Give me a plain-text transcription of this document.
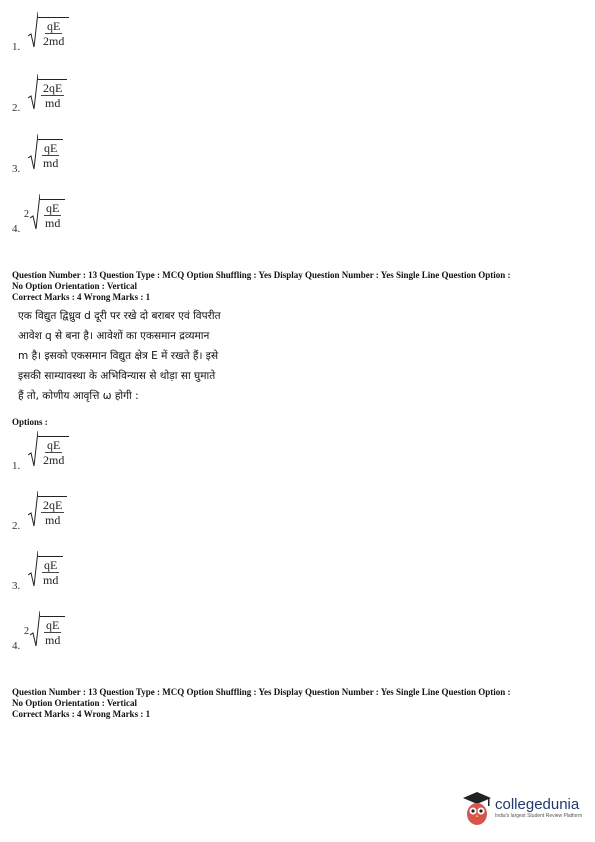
1. $\frac{qE}{2md}$
2. $\frac{2qE}{md}$
3. $\frac{qE}{md}$
4.
$2 \frac{qE}{md}$

Question Number : 13 Question Type : MCQ Option Shuffling : Yes Display Question Number : Yes Single Line Question Option :

No Option Orientation : Vertical

Correct Marks : 4 Wrong Marks : 1

एक विद्युत द्विध्रुव d दूरी पर रखे दो बराबर एवं विपरीत

आवेश q से बना है। आवेशों का एकसमान द्रव्यमान

m है। इसको एकसमान विद्युत क्षेत्र E में रखते हैं। इसे

इसकी साम्यावस्था के अभिविन्यास से थोड़ा सा घुमाते

हैं तो, कोणीय आवृत्ति ω होगी :

Options :
1. $\frac{qE}{2md}$
2. $\frac{2qE}{md}$
3. $\frac{qE}{md}$
4.
$2 \frac{qE}{md}$

Question Number : 13 Question Type : MCQ Option Shuffling : Yes Display Question Number : Yes Single Line Question Option :

No Option Orientation : Vertical

Correct Marks : 4 Wrong Marks : 1

collegedunia
India's largest Student Review Platform
